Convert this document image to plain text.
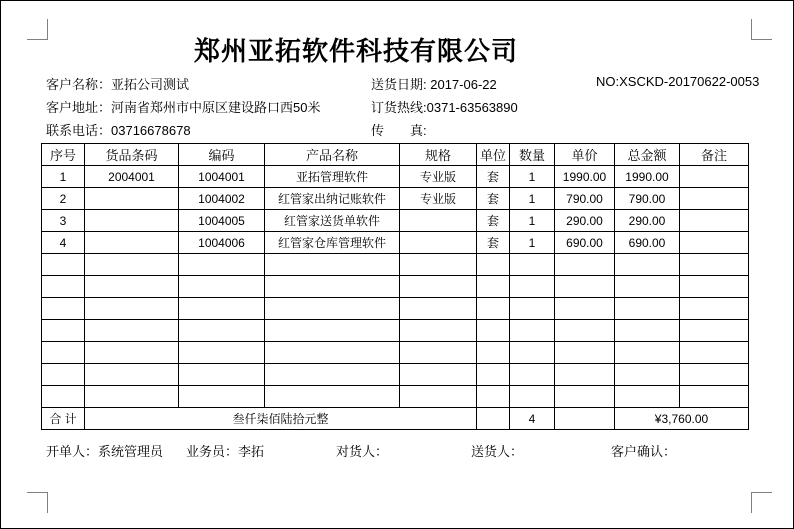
郑州亚拓软件科技有限公司
客户名称：亚拓公司测试	送货日期: 2017-06-22	NO:XSCKD-20170622-0053
客户地址：河南省郑州市中原区建设路口西50米	订货热线:0371-63563890
联系电话：03716678678	传　　真:
序号	货品条码	编码	产品名称	规格	单位	数量	单价	总金额	备注
1	2004001	1004001	亚拓管理软件	专业版	套	1	1990.00	1990.00	
2		1004002	红管家出纳记账软件	专业版	套	1	790.00	790.00	
3		1004005	红管家送货单软件		套	1	290.00	290.00	
4		1004006	红管家仓库管理软件		套	1	690.00	690.00	

合 计	叁仟柒佰陆拾元整					4		¥3,760.00	
开单人：系统管理员 业务员：李拓	对货人：	送货人：	客户确认：
